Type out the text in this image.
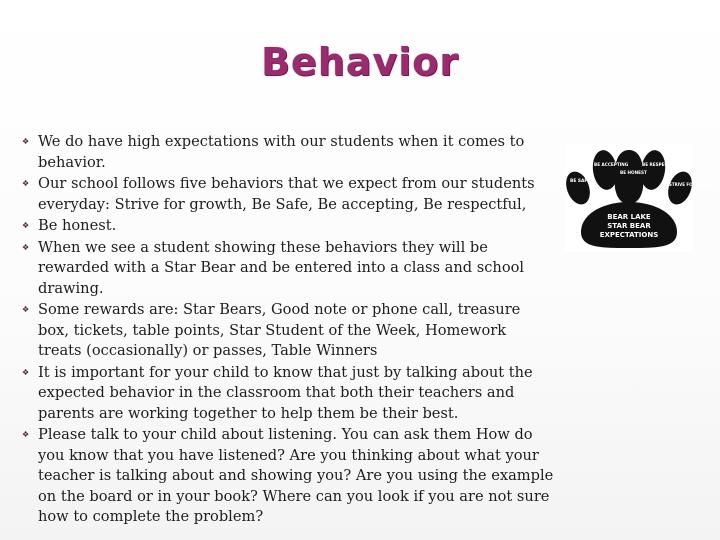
Behavior
❖ We do have high expectations with our students when it comes to behavior.
❖ Our school follows five behaviors that we expect from our students everyday: Strive for growth, Be Safe, Be accepting, Be respectful,
❖ Be honest.
❖ When we see a student showing these behaviors they will be rewarded with a Star Bear and be entered into a class and school drawing.
❖ Some rewards are: Star Bears, Good note or phone call, treasure box, tickets, table points, Star Student of the Week, Homework treats (occasionally) or passes, Table Winners
❖ It is important for your child to know that just by talking about the expected behavior in the classroom that both their teachers and parents are working together to help them be their best.
❖ Please talk to your child about listening. You can ask them How do you know that you have listened? Are you thinking about what your teacher is talking about and showing you? Are you using the example on the board or in your book? Where can you look if you are not sure how to complete the problem?
BE SAFE
BE ACCEPTING
BE HONEST
BE RESPECTFUL
STRIVE FOR GROWTH
BEAR LAKE
STAR BEAR
EXPECTATIONS
